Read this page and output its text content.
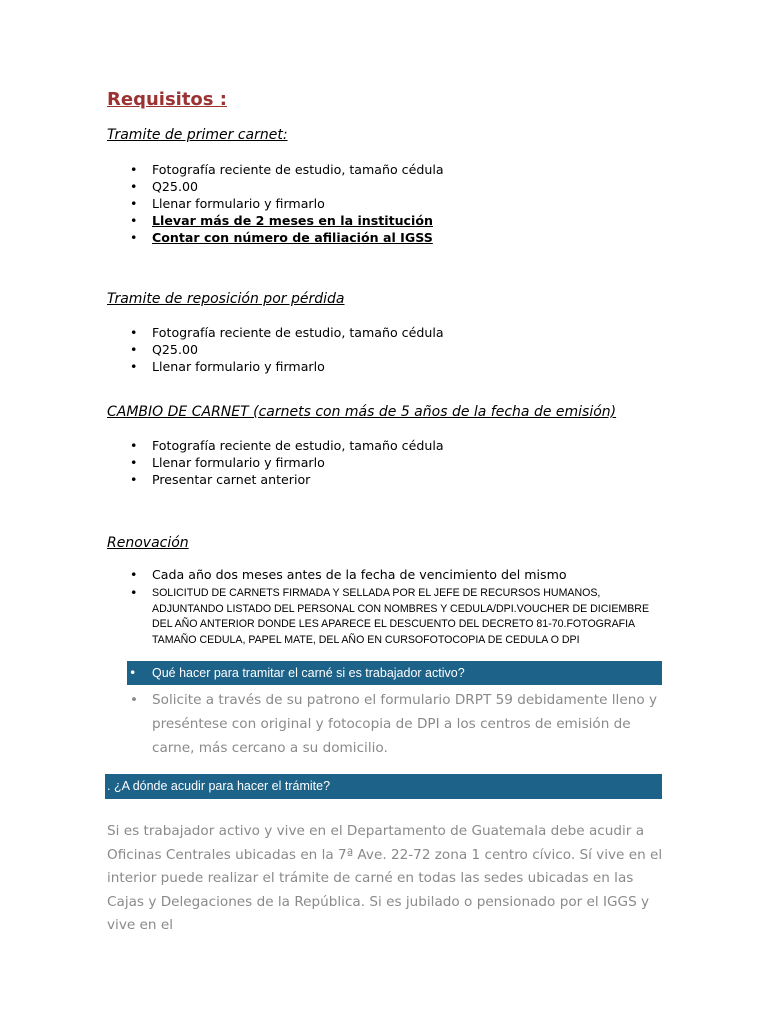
Requisitos :
Tramite de primer carnet:
• Fotografía reciente de estudio, tamaño cédula
• Q25.00
• Llenar formulario y firmarlo
• Llevar más de 2 meses en la institución
• Contar con número de afiliación al IGSS
Tramite de reposición por pérdida
• Fotografía reciente de estudio, tamaño cédula
• Q25.00
• Llenar formulario y firmarlo
CAMBIO DE CARNET (carnets con más de 5 años de la fecha de emisión)
• Fotografía reciente de estudio, tamaño cédula
• Llenar formulario y firmarlo
• Presentar carnet anterior
Renovación
• Cada año dos meses antes de la fecha de vencimiento del mismo
• SOLICITUD DE CARNETS FIRMADA Y SELLADA POR EL JEFE DE RECURSOS HUMANOS, ADJUNTANDO LISTADO DEL PERSONAL CON NOMBRES Y CEDULA/DPI.VOUCHER DE DICIEMBRE DEL AÑO ANTERIOR DONDE LES APARECE EL DESCUENTO DEL DECRETO 81-70.FOTOGRAFIA TAMAÑO CEDULA, PAPEL MATE, DEL AÑO EN CURSOFOTOCOPIA DE CEDULA O DPI
• Qué hacer para tramitar el carné si es trabajador activo?
• Solicite a través de su patrono el formulario DRPT 59 debidamente lleno y preséntese con original y fotocopia de DPI a los centros de emisión de carne, más cercano a su domicilio.
. ¿A dónde acudir para hacer el trámite?
Si es trabajador activo y vive en el Departamento de Guatemala debe acudir a Oficinas Centrales ubicadas en la 7ª Ave. 22-72 zona 1 centro cívico. Sí vive en el interior puede realizar el trámite de carné en todas las sedes ubicadas en las Cajas y Delegaciones de la República. Si es jubilado o pensionado por el IGGS y vive en el
